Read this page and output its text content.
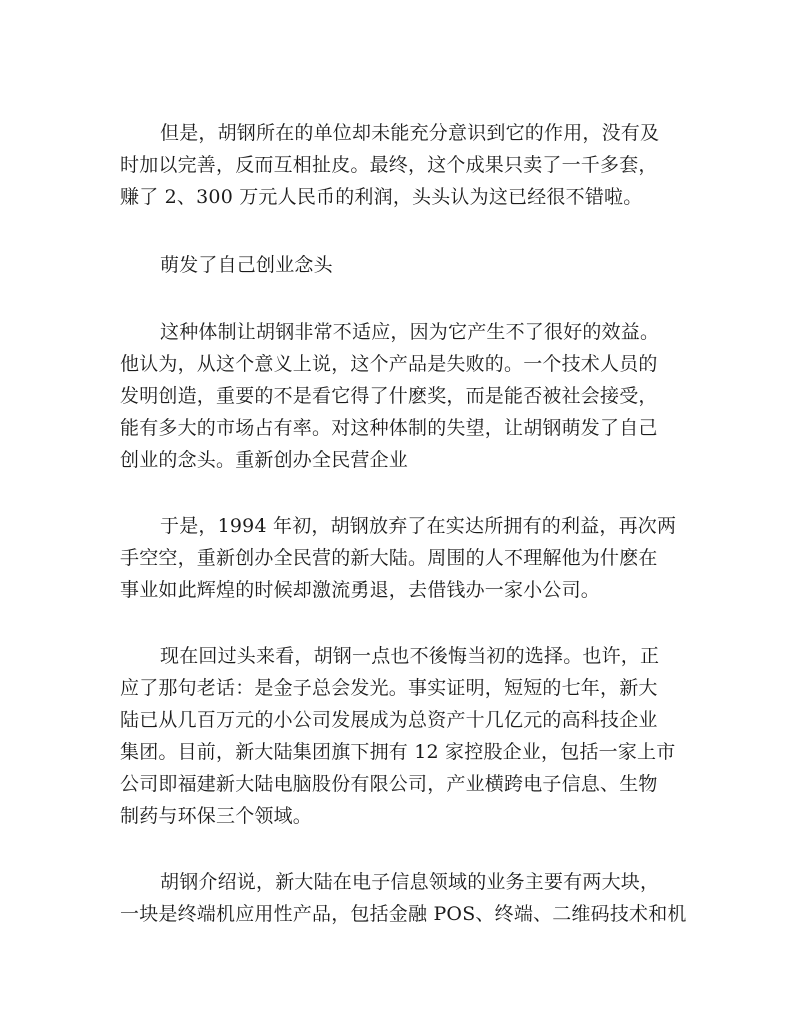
但是，胡钢所在的单位却未能充分意识到它的作用，没有及
时加以完善，反而互相扯皮。最终，这个成果只卖了一千多套，
赚了 2、300 万元人民币的利润，头头认为这已经很不错啦。
萌发了自己创业念头
这种体制让胡钢非常不适应，因为它产生不了很好的效益。
他认为，从这个意义上说，这个产品是失败的。一个技术人员的
发明创造，重要的不是看它得了什麽奖，而是能否被社会接受，
能有多大的市场占有率。对这种体制的失望，让胡钢萌发了自己
创业的念头。重新创办全民营企业
于是，1994 年初，胡钢放弃了在实达所拥有的利益，再次两
手空空，重新创办全民营的新大陆。周围的人不理解他为什麽在
事业如此辉煌的时候却激流勇退，去借钱办一家小公司。
现在回过头来看，胡钢一点也不後悔当初的选择。也许，正
应了那句老话：是金子总会发光。事实证明，短短的七年，新大
陆已从几百万元的小公司发展成为总资产十几亿元的高科技企业
集团。目前，新大陆集团旗下拥有 12 家控股企业，包括一家上市
公司即福建新大陆电脑股份有限公司，产业横跨电子信息、生物
制药与环保三个领域。
胡钢介绍说，新大陆在电子信息领域的业务主要有两大块，
一块是终端机应用性产品，包括金融 POS、终端、二维码技术和机
